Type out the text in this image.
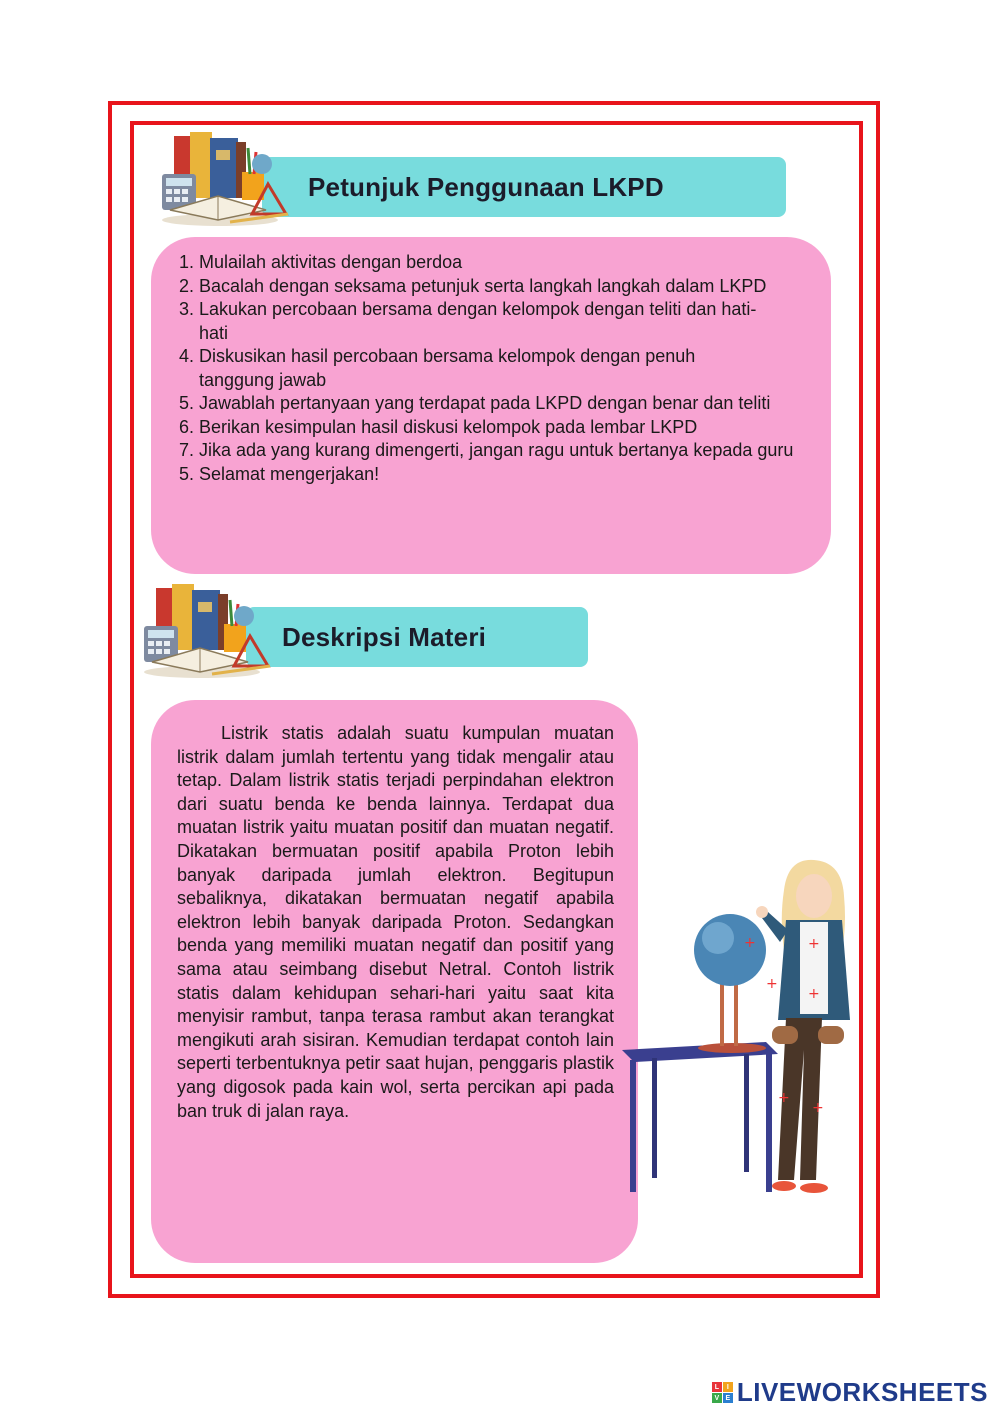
Petunjuk Penggunaan LKPD
1. Mulailah aktivitas dengan berdoa
2. Bacalah dengan seksama petunjuk serta langkah langkah dalam LKPD
3. Lakukan percobaan bersama dengan kelompok dengan teliti dan hati-hati
4. Diskusikan hasil percobaan bersama kelompok dengan penuh tanggung jawab
5. Jawablah pertanyaan yang terdapat pada LKPD dengan benar dan teliti
6. Berikan kesimpulan hasil diskusi kelompok pada lembar LKPD
7. Jika ada yang kurang dimengerti, jangan ragu untuk bertanya kepada guru
5. Selamat mengerjakan!
Deskripsi Materi

Listrik statis adalah suatu kumpulan muatan listrik dalam jumlah tertentu yang tidak mengalir atau tetap. Dalam listrik statis terjadi perpindahan elektron dari suatu benda ke benda lainnya. Terdapat dua muatan listrik yaitu muatan positif dan muatan negatif. Dikatakan bermuatan positif apabila Proton lebih banyak daripada jumlah elektron. Begitupun sebaliknya, dikatakan bermuatan negatif apabila elektron lebih banyak daripada Proton. Sedangkan benda yang memiliki muatan negatif dan positif yang sama atau seimbang disebut Netral. Contoh listrik statis dalam kehidupan sehari-hari yaitu saat kita menyisir rambut, tanpa terasa rambut akan terangkat mengikuti arah sisiran. Kemudian terdapat contoh lain seperti terbentuknya petir saat hujan, penggaris plastik yang digosok pada kain wol, serta percikan api pada ban truk di jalan raya.

+	+
+
+
+
+
L	I
V E LIVEWORKSHEETS
